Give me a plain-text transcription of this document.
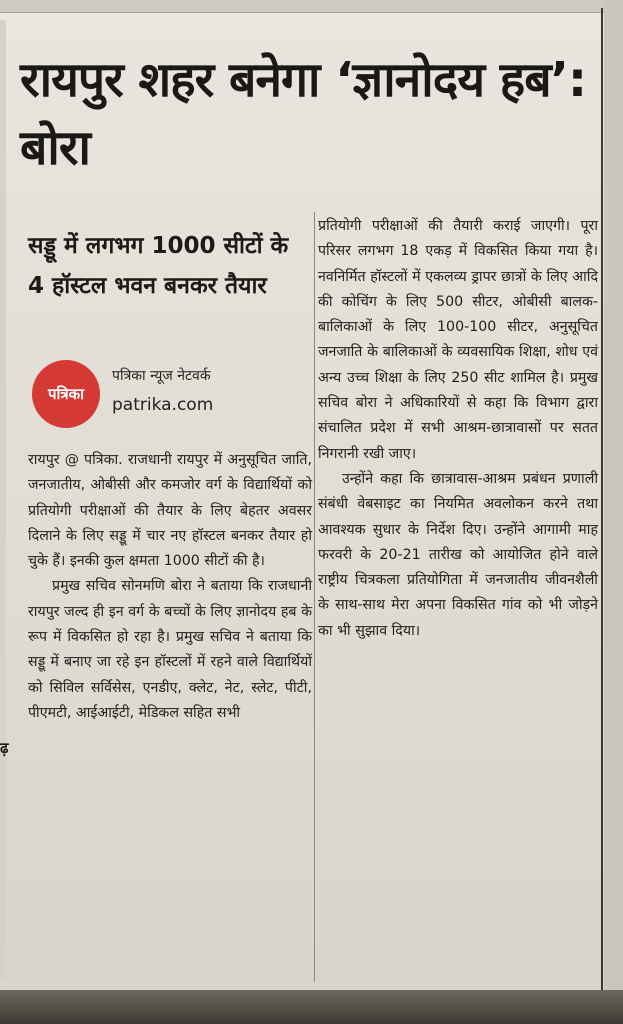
ढ़
रायपुर शहर बनेगा ‘ज्ञानोदय हब’: बोरा
सड्डू में लगभग 1000 सीटों के 4 हॉस्टल भवन बनकर तैयार
पत्रिका
पत्रिका न्यूज नेटवर्क
patrika.com

रायपुर @ पत्रिका. राजधानी रायपुर में अनुसूचित जाति, जनजातीय, ओबीसी और कमजोर वर्ग के विद्यार्थियों को प्रतियोगी परीक्षाओं की तैयार के लिए बेहतर अवसर दिलाने के लिए सड्डू में चार नए हॉस्टल बनकर तैयार हो चुके हैं। इनकी कुल क्षमता 1000 सीटों की है।

प्रमुख सचिव सोनमणि बोरा ने बताया कि राजधानी रायपुर जल्द ही इन वर्ग के बच्चों के लिए ज्ञानोदय हब के रूप में विकसित हो रहा है। प्रमुख सचिव ने बताया कि सड्डू में बनाए जा रहे इन हॉस्टलों में रहने वाले विद्यार्थियों को सिविल सर्विसेस, एनडीए, क्लेट, नेट, स्लेट, पीटी, पीएमटी, आईआईटी, मेडिकल सहित सभी

प्रतियोगी परीक्षाओं की तैयारी कराई जाएगी। पूरा परिसर लगभग 18 एकड़ में विकसित किया गया है। नवनिर्मित हॉस्टलों में एकलव्य ड्रापर छात्रों के लिए आदि की कोचिंग के लिए 500 सीटर, ओबीसी बालक-बालिकाओं के लिए 100-100 सीटर, अनुसूचित जनजाति के बालिकाओं के व्यवसायिक शिक्षा, शोध एवं अन्य उच्च शिक्षा के लिए 250 सीट शामिल है। प्रमुख सचिव बोरा ने अधिकारियों से कहा कि विभाग द्वारा संचालित प्रदेश में सभी आश्रम-छात्रावासों पर सतत निगरानी रखी जाए।

उन्होंने कहा कि छात्रावास-आश्रम प्रबंधन प्रणाली संबंधी वेबसाइट का नियमित अवलोकन करने तथा आवश्यक सुधार के निर्देश दिए। उन्होंने आगामी माह फरवरी के 20-21 तारीख को आयोजित होने वाले राष्ट्रीय चित्रकला प्रतियोगिता में जनजातीय जीवनशैली के साथ-साथ मेरा अपना विकसित गांव को भी जोड़ने का भी सुझाव दिया।
